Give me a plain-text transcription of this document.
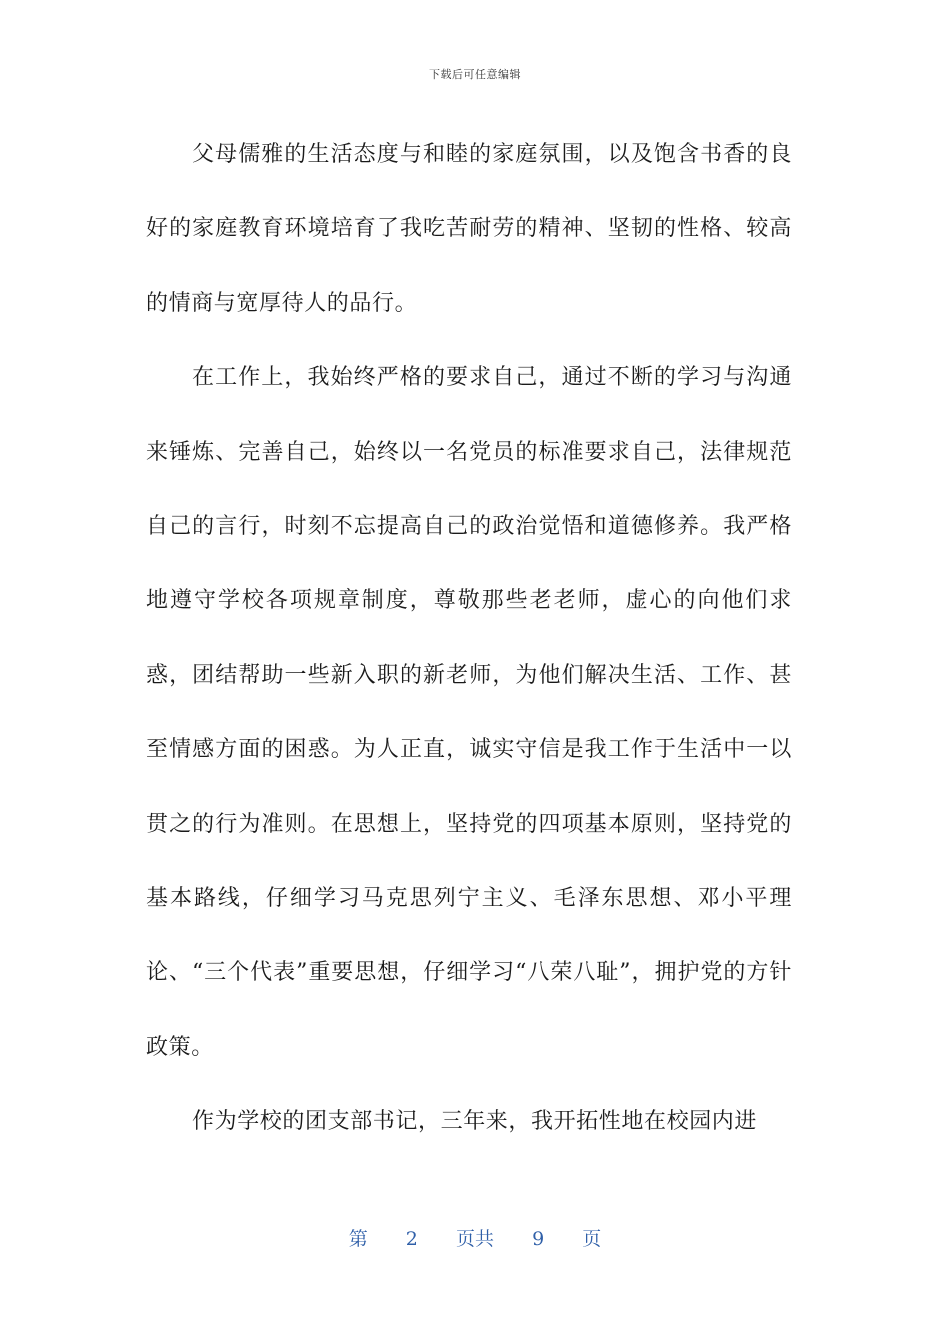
下载后可任意编辑

父母儒雅的生活态度与和睦的家庭氛围，以及饱含书香的良好的家庭教育环境培育了我吃苦耐劳的精神、坚韧的性格、较高的情商与宽厚待人的品行。

在工作上，我始终严格的要求自己，通过不断的学习与沟通来锤炼、完善自己，始终以一名党员的标准要求自己，法律规范自己的言行，时刻不忘提高自己的政治觉悟和道德修养。我严格地遵守学校各项规章制度，尊敬那些老老师，虚心的向他们求惑，团结帮助一些新入职的新老师，为他们解决生活、工作、甚至情感方面的困惑。为人正直，诚实守信是我工作于生活中一以贯之的行为准则。在思想上，坚持党的四项基本原则，坚持党的基本路线，仔细学习马克思列宁主义、毛泽东思想、邓小平理论、“三个代表”重要思想，仔细学习“八荣八耻”，拥护党的方针政策。

作为学校的团支部书记，三年来，我开拓性地在校园内进

第 2 页共 9 页
